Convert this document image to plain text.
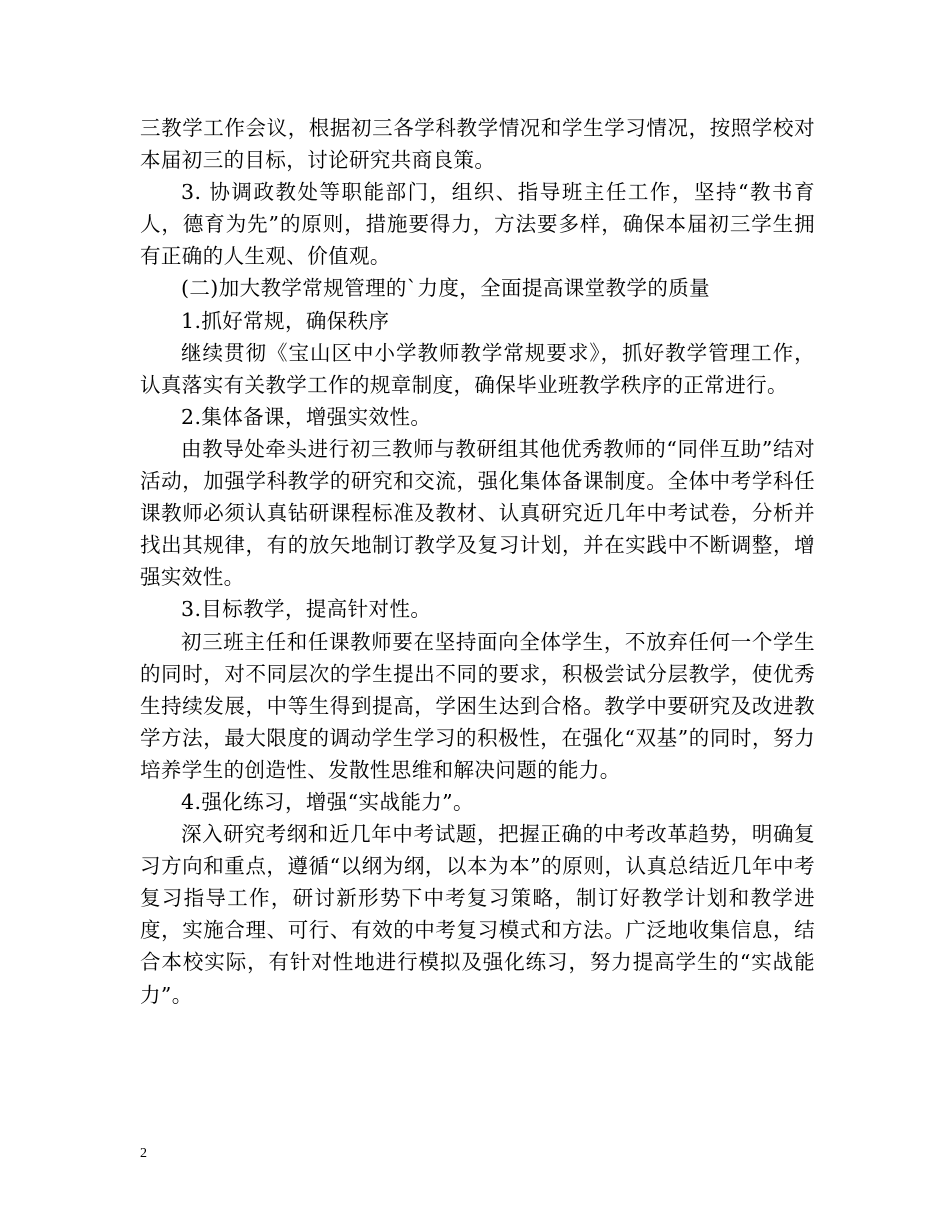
三教学工作会议，根据初三各学科教学情况和学生学习情况，按照学校对本届初三的目标，讨论研究共商良策。

3. 协调政教处等职能部门，组织、指导班主任工作，坚持“教书育人，德育为先”的原则，措施要得力，方法要多样，确保本届初三学生拥有正确的人生观、价值观。

(二)加大教学常规管理的`力度，全面提高课堂教学的质量

1.抓好常规，确保秩序

继续贯彻《宝山区中小学教师教学常规要求》，抓好教学管理工作，认真落实有关教学工作的规章制度，确保毕业班教学秩序的正常进行。

2.集体备课，增强实效性。

由教导处牵头进行初三教师与教研组其他优秀教师的“同伴互助”结对活动，加强学科教学的研究和交流，强化集体备课制度。全体中考学科任课教师必须认真钻研课程标准及教材、认真研究近几年中考试卷，分析并找出其规律，有的放矢地制订教学及复习计划，并在实践中不断调整，增强实效性。

3.目标教学，提高针对性。

初三班主任和任课教师要在坚持面向全体学生，不放弃任何一个学生的同时，对不同层次的学生提出不同的要求，积极尝试分层教学，使优秀生持续发展，中等生得到提高，学困生达到合格。教学中要研究及改进教学方法，最大限度的调动学生学习的积极性，在强化“双基”的同时，努力培养学生的创造性、发散性思维和解决问题的能力。

4.强化练习，增强“实战能力”。

深入研究考纲和近几年中考试题，把握正确的中考改革趋势，明确复习方向和重点，遵循“以纲为纲，以本为本”的原则，认真总结近几年中考复习指导工作，研讨新形势下中考复习策略，制订好教学计划和教学进度，实施合理、可行、有效的中考复习模式和方法。广泛地收集信息，结合本校实际，有针对性地进行模拟及强化练习，努力提高学生的“实战能力”。

2
